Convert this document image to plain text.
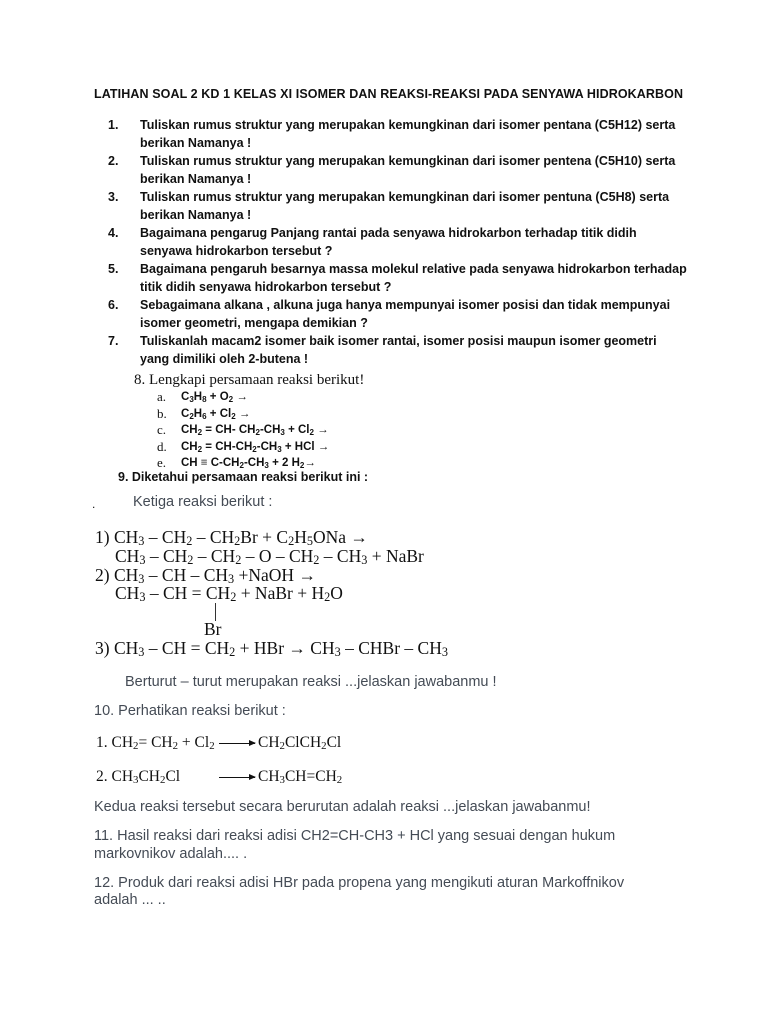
LATIHAN SOAL 2 KD 1 KELAS XI ISOMER DAN REAKSI-REAKSI PADA SENYAWA HIDROKARBON
1.	Tuliskan rumus struktur yang merupakan kemungkinan dari isomer pentana (C5H12) serta berikan Namanya !
2.	Tuliskan rumus struktur yang merupakan kemungkinan dari isomer pentena (C5H10) serta berikan Namanya !
3.	Tuliskan rumus struktur yang merupakan kemungkinan dari isomer pentuna (C5H8) serta berikan Namanya !
4.	Bagaimana pengarug Panjang rantai pada senyawa hidrokarbon terhadap titik didih senyawa hidrokarbon tersebut ?
5.	Bagaimana pengaruh besarnya massa molekul relative pada senyawa hidrokarbon terhadap titik didih senyawa hidrokarbon tersebut ?
6.	Sebagaimana alkana , alkuna juga hanya mempunyai isomer posisi dan tidak mempunyai isomer geometri, mengapa demikian ?
7.	Tuliskanlah macam2 isomer baik isomer rantai, isomer posisi maupun isomer geometri yang dimiliki oleh 2-butena !
8. Lengkapi persamaan reaksi berikut!
a.	$C_3H_8 + O_2$ →
b.	$C_2H_6 + Cl_2$ →
c.	$CH_2 = CH-$ $CH_2-CH_3 + Cl_2$ →
d.	$CH_2 = CH-CH_2-CH_3$ + HCl →
e.	CH ≡ $C-CH_2-CH_3 + 2$ $H_2\to$
9. Diketahui persamaan reaksi berikut ini :
.	Ketiga reaksi berikut :
1) $CH_3 - CH_2 - CH_2Br + C_2H_5ONa$ →
$CH_3 - CH_2 - CH_2$ – O – $CH_2 - CH_3$ + NaBr
2) $CH_3$ – CH – $CH_3$ +NaOH →
$CH_3$ – CH = $CH_2$ + NaBr + $H_2O$
Br
3) $CH_3$ – CH = $CH_2$ + HBr → $CH_3$ – CHBr – $CH_3$
Berturut – turut merupakan reaksi ...jelaskan jawabanmu !
10. Perhatikan reaksi berikut :
1. $CH_2= CH_2 + Cl_2$	$CH_2ClCH_2Cl$
2. $CH_3CH_2Cl$	$CH_3CH=CH_2$
Kedua reaksi tersebut secara berurutan adalah reaksi ...jelaskan jawabanmu!
11. Hasil reaksi dari reaksi adisi CH2=CH-CH3 + HCl yang sesuai dengan hukum
markovnikov adalah.... .
12. Produk dari reaksi adisi HBr pada propena yang mengikuti aturan Markoffnikov
adalah ... ..
